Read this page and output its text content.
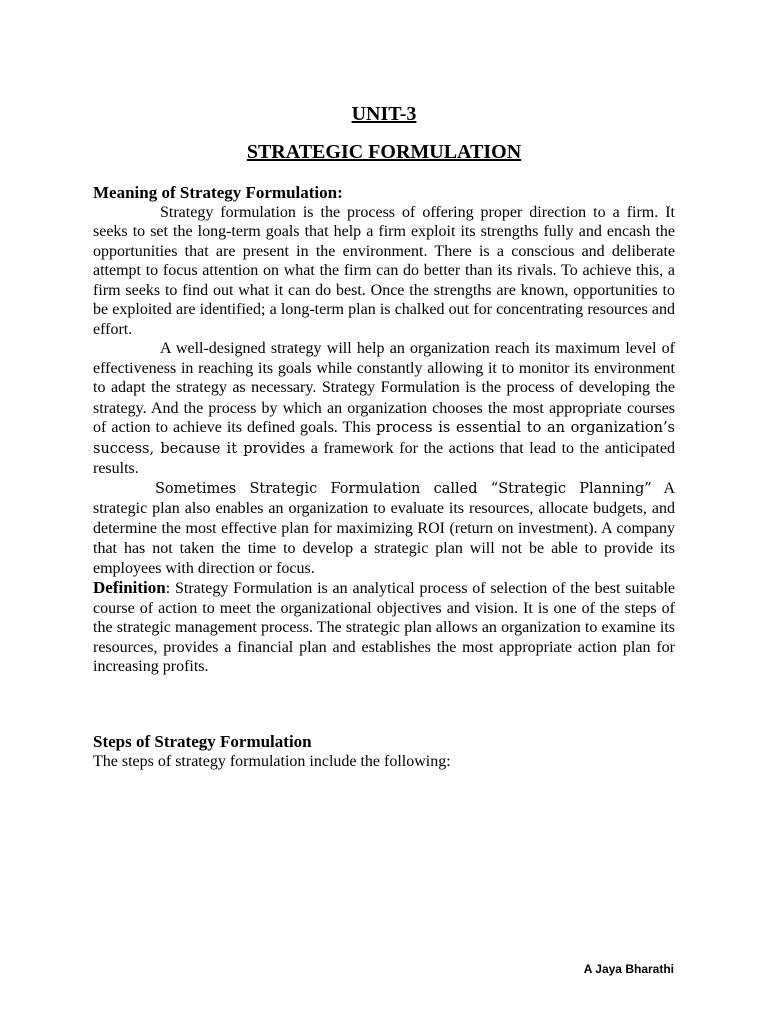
UNIT-3
STRATEGIC FORMULATION
Meaning of Strategy Formulation:

Strategy formulation is the process of offering proper direction to a firm. It seeks to set the long-term goals that help a firm exploit its strengths fully and encash the opportunities that are present in the environment. There is a conscious and deliberate attempt to focus attention on what the firm can do better than its rivals. To achieve this, a firm seeks to find out what it can do best. Once the strengths are known, opportunities to be exploited are identified; a long-term plan is chalked out for concentrating resources and effort.

A well-designed strategy will help an organization reach its maximum level of effectiveness in reaching its goals while constantly allowing it to monitor its environment to adapt the strategy as necessary. Strategy Formulation is the process of developing the strategy. And the process by which an organization chooses the most appropriate courses of action to achieve its defined goals. This process is essential to an organization’s success, because it provides a framework for the actions that lead to the anticipated results.

Sometimes Strategic Formulation called “Strategic Planning” A strategic plan also enables an organization to evaluate its resources, allocate budgets, and determine the most effective plan for maximizing ROI (return on investment). A company that has not taken the time to develop a strategic plan will not be able to provide its employees with direction or focus.

Definition: Strategy Formulation is an analytical process of selection of the best suitable course of action to meet the organizational objectives and vision. It is one of the steps of the strategic management process. The strategic plan allows an organization to examine its resources, provides a financial plan and establishes the most appropriate action plan for increasing profits.

Steps of Strategy Formulation
The steps of strategy formulation include the following:
A Jaya Bharathi
